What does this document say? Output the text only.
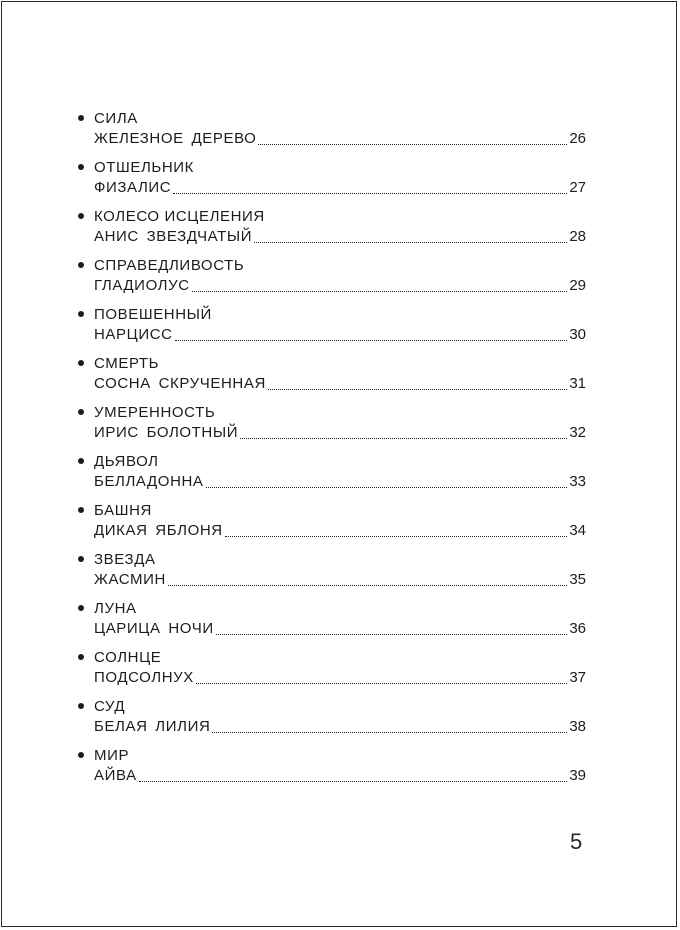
СИЛА
ЖЕЛЕЗНОЕ ДЕРЕВО	26
ОТШЕЛЬНИК
ФИЗАЛИС	27
КОЛЕСО ИСЦЕЛЕНИЯ
АНИС ЗВЕЗДЧАТЫЙ	28
СПРАВЕДЛИВОСТЬ
ГЛАДИОЛУС	29
ПОВЕШЕННЫЙ
НАРЦИСС	30
СМЕРТЬ
СОСНА СКРУЧЕННАЯ	31
УМЕРЕННОСТЬ
ИРИС БОЛОТНЫЙ	32
ДЬЯВОЛ
БЕЛЛАДОННА	33
БАШНЯ
ДИКАЯ ЯБЛОНЯ	34
ЗВЕЗДА
ЖАСМИН	35
ЛУНА
ЦАРИЦА НОЧИ	36
СОЛНЦЕ
ПОДСОЛНУХ	37
СУД
БЕЛАЯ ЛИЛИЯ	38
МИР
АЙВА	39
5
